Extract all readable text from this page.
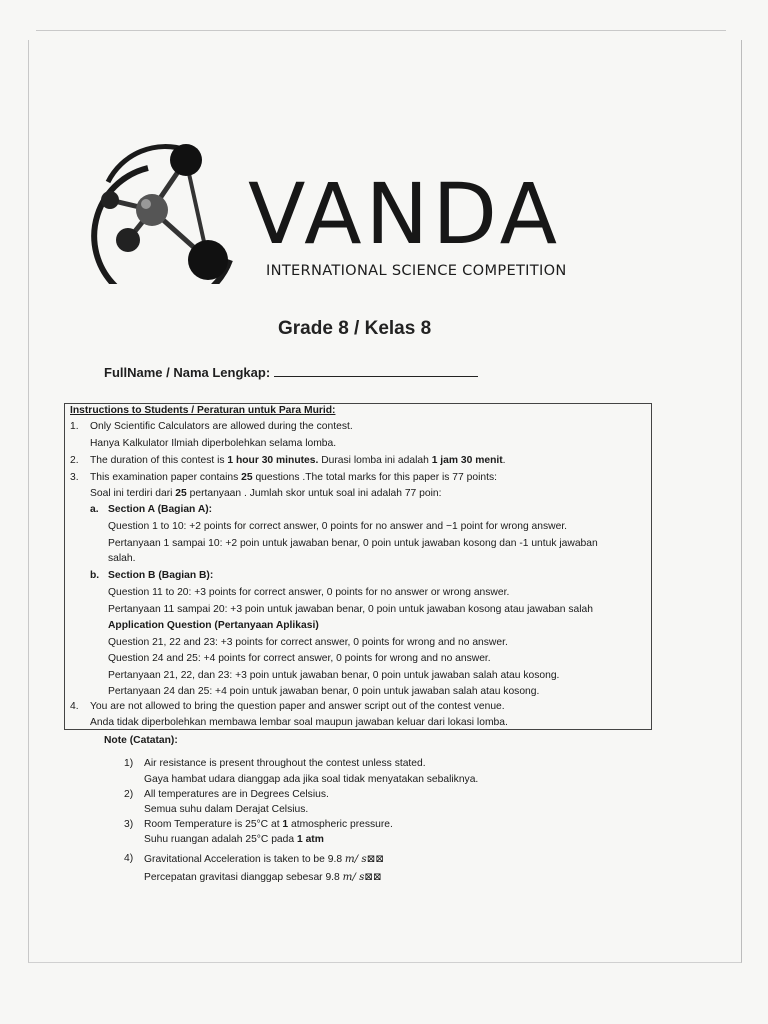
VANDA
INTERNATIONAL SCIENCE COMPETITION
Grade 8 / Kelas 8
FullName / Nama Lengkap:
Instructions to Students / Peraturan untuk Para Murid:
1. Only Scientific Calculators are allowed during the contest.
Hanya Kalkulator Ilmiah diperbolehkan selama lomba.
2. The duration of this contest is 1 hour 30 minutes. Durasi lomba ini adalah 1 jam 30 menit.
3. This examination paper contains 25 questions .The total marks for this paper is 77 points:
Soal ini terdiri dari 25 pertanyaan . Jumlah skor untuk soal ini adalah 77 poin:
a. Section A (Bagian A):
Question 1 to 10: +2 points for correct answer, 0 points for no answer and −1 point for wrong answer.
Pertanyaan 1 sampai 10: +2 poin untuk jawaban benar, 0 poin untuk jawaban kosong dan -1 untuk jawaban
salah.
b. Section B (Bagian B):
Question 11 to 20: +3 points for correct answer, 0 points for no answer or wrong answer.
Pertanyaan 11 sampai 20: +3 poin untuk jawaban benar, 0 poin untuk jawaban kosong atau jawaban salah
Application Question (Pertanyaan Aplikasi)
Question 21, 22 and 23: +3 points for correct answer, 0 points for wrong and no answer.
Question 24 and 25: +4 points for correct answer, 0 points for wrong and no answer.
Pertanyaan 21, 22, dan 23: +3 poin untuk jawaban benar, 0 poin untuk jawaban salah atau kosong.
Pertanyaan 24 dan 25: +4 poin untuk jawaban benar, 0 poin untuk jawaban salah atau kosong.
4. You are not allowed to bring the question paper and answer script out of the contest venue.
Anda tidak diperbolehkan membawa lembar soal maupun jawaban keluar dari lokasi lomba.
Note (Catatan):
1) Air resistance is present throughout the contest unless stated.
Gaya hambat udara dianggap ada jika soal tidak menyatakan sebaliknya.
2) All temperatures are in Degrees Celsius.
Semua suhu dalam Derajat Celsius.
3) Room Temperature is 25°C at 1 atmospheric pressure.
Suhu ruangan adalah 25°C pada 1 atm
4) Gravitational Acceleration is taken to be 9.8 m/ s⊠⊠
Percepatan gravitasi dianggap sebesar 9.8 m/ s⊠⊠
